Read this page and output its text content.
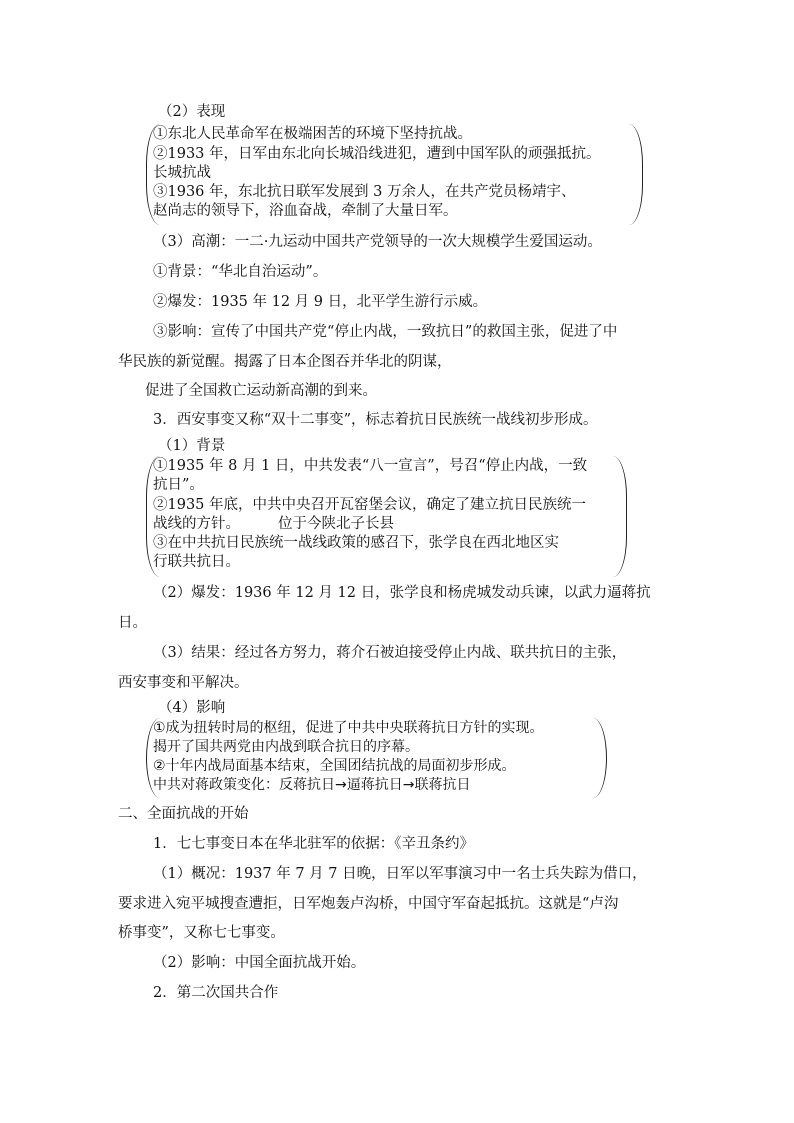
（2）表现
①东北人民革命军在极端困苦的环境下坚持抗战。
②1933 年，日军由东北向长城沿线进犯，遭到中国军队的顽强抵抗。
长城抗战
③1936 年，东北抗日联军发展到 3 万余人，在共产党员杨靖宇、
赵尚志的领导下，浴血奋战，牵制了大量日军。
（3）高潮：一二·九运动中国共产党领导的一次大规模学生爱国运动。
①背景：“华北自治运动”。
②爆发：1935 年 12 月 9 日，北平学生游行示威。
③影响：宣传了中国共产党“停止内战，一致抗日”的救国主张，促进了中
华民族的新觉醒。揭露了日本企图吞并华北的阴谋，
促进了全国救亡运动新高潮的到来。
3．西安事变又称“双十二事变”，标志着抗日民族统一战线初步形成。
（1）背景
①1935 年 8 月 1 日，中共发表“八一宣言”，号召“停止内战，一致
抗日”。
②1935 年底，中共中央召开瓦窑堡会议，确定了建立抗日民族统一
战线的方针。	位于今陕北子长县
③在中共抗日民族统一战线政策的感召下，张学良在西北地区实
行联共抗日。
（2）爆发：1936 年 12 月 12 日，张学良和杨虎城发动兵谏，以武力逼蒋抗
日。
（3）结果：经过各方努力，蒋介石被迫接受停止内战、联共抗日的主张，
西安事变和平解决。
（4）影响
①成为扭转时局的枢纽，促进了中共中央联蒋抗日方针的实现。
揭开了国共两党由内战到联合抗日的序幕。
②十年内战局面基本结束，全国团结抗战的局面初步形成。
中共对蒋政策变化：反蒋抗日→逼蒋抗日→联蒋抗日
二、全面抗战的开始
1．七七事变日本在华北驻军的依据：《辛丑条约》
（1）概况：1937 年 7 月 7 日晚，日军以军事演习中一名士兵失踪为借口，
要求进入宛平城搜查遭拒，日军炮轰卢沟桥，中国守军奋起抵抗。这就是“卢沟
桥事变”，又称七七事变。
（2）影响：中国全面抗战开始。
2．第二次国共合作
